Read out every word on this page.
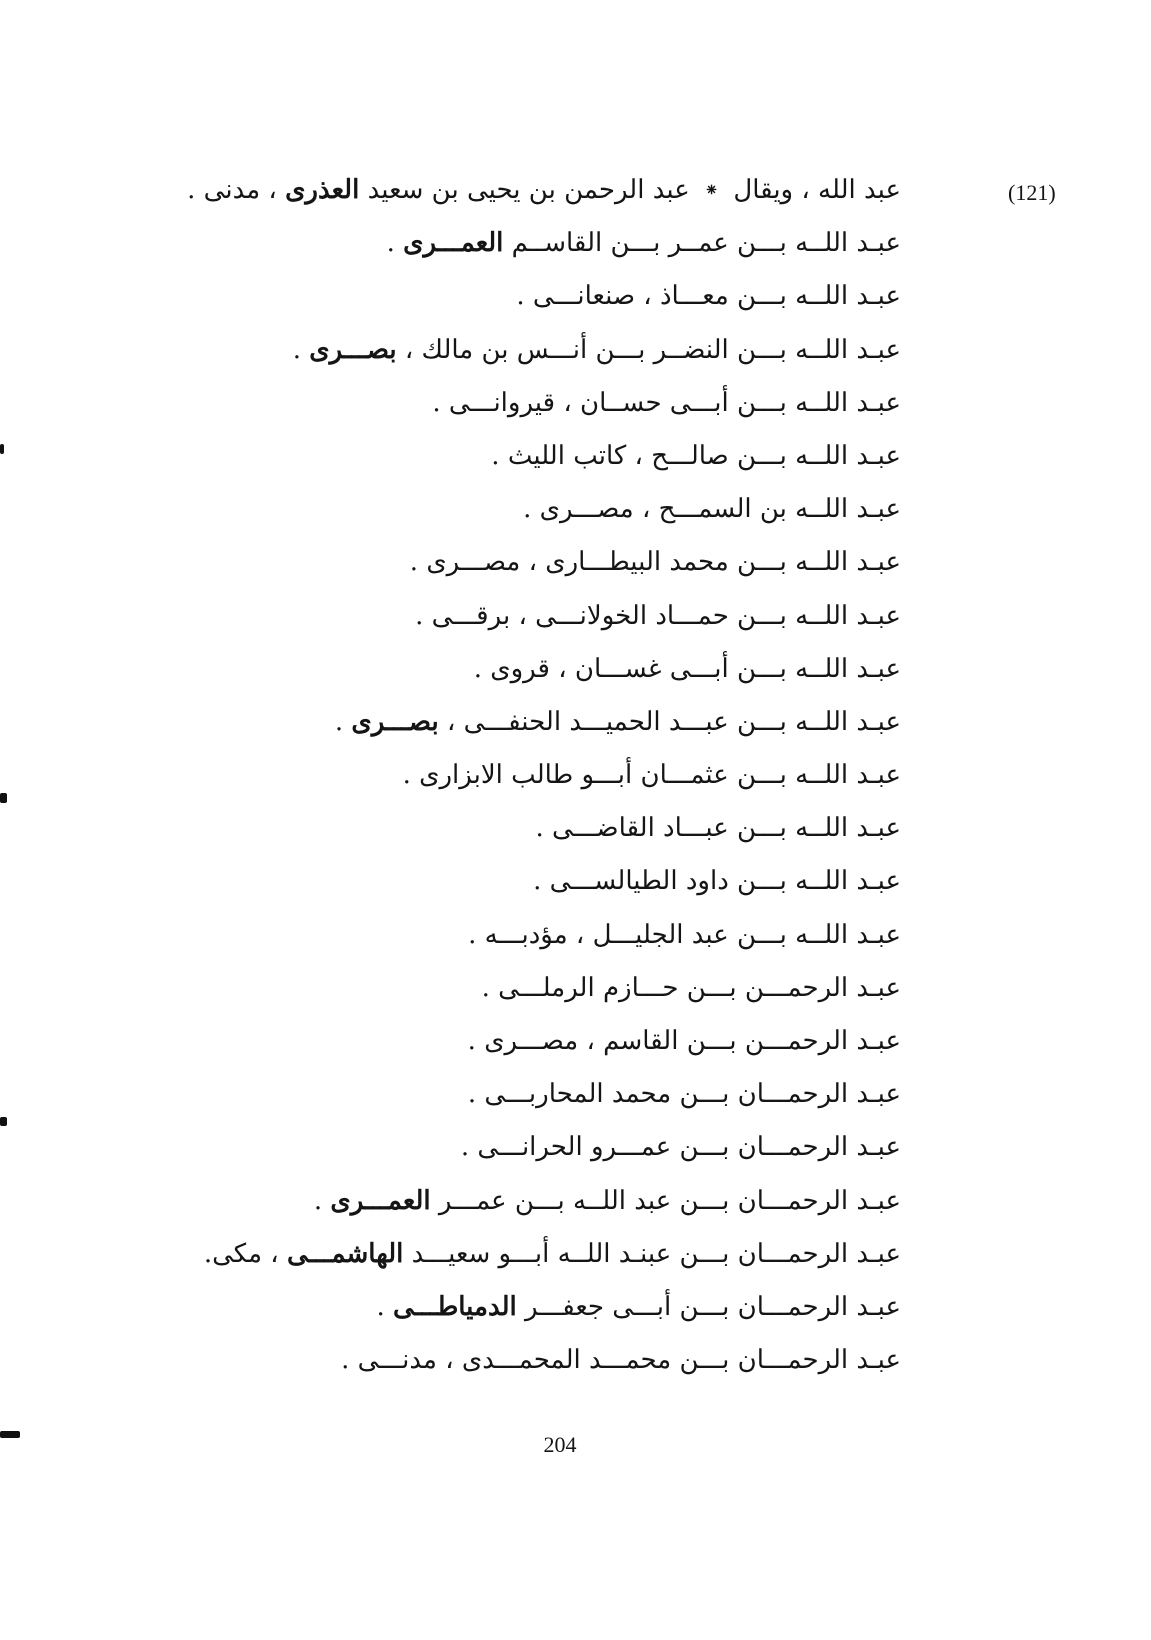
(121)
عبد الله ، ويقال ⁕ عبد الرحمن بن يحيى بن سعيد العذرى ، مدنى .
عبـد اللــه بـــن عمــر بـــن القاســم العمـــرى .
عبـد اللــه بـــن معـــاذ ، صنعانـــى .
عبـد اللــه بـــن النضــر بـــن أنـــس بن مالك ، بصـــرى .
عبـد اللــه بـــن أبـــى حســان ، قيروانـــى .
عبـد اللــه بـــن صالـــح ، كاتب الليث .
عبـد اللــه بن السمـــح ، مصـــرى .
عبـد اللــه بـــن محمد البيطـــارى ، مصـــرى .
عبـد اللــه بـــن حمـــاد الخولانـــى ، برقـــى .
عبـد اللــه بـــن أبـــى غســـان ، قروى .
عبـد اللــه بـــن عبـــد الحميـــد الحنفـــى ، بصـــرى .
عبـد اللــه بـــن عثمـــان أبـــو طالب الابزارى .
عبـد اللــه بـــن عبـــاد القاضـــى .
عبـد اللــه بـــن داود الطيالســـى .
عبـد اللــه بـــن عبد الجليـــل ، مؤدبـــه .
عبـد الرحمـــن بـــن حـــازم الرملـــى .
عبـد الرحمـــن بـــن القاسم ، مصـــرى .
عبـد الرحمـــان بـــن محمد المحاربـــى .
عبـد الرحمـــان بـــن عمـــرو الحرانـــى .
عبـد الرحمـــان بـــن عبد اللــه بـــن عمـــر العمـــرى .
عبـد الرحمـــان بـــن عبنـد اللــه أبـــو سعيـــد الهاشمـــى ، مكى.
عبـد الرحمـــان بـــن أبـــى جعفـــر الدمياطـــى .
عبـد الرحمـــان بـــن محمـــد المحمـــدى ، مدنـــى .
204
